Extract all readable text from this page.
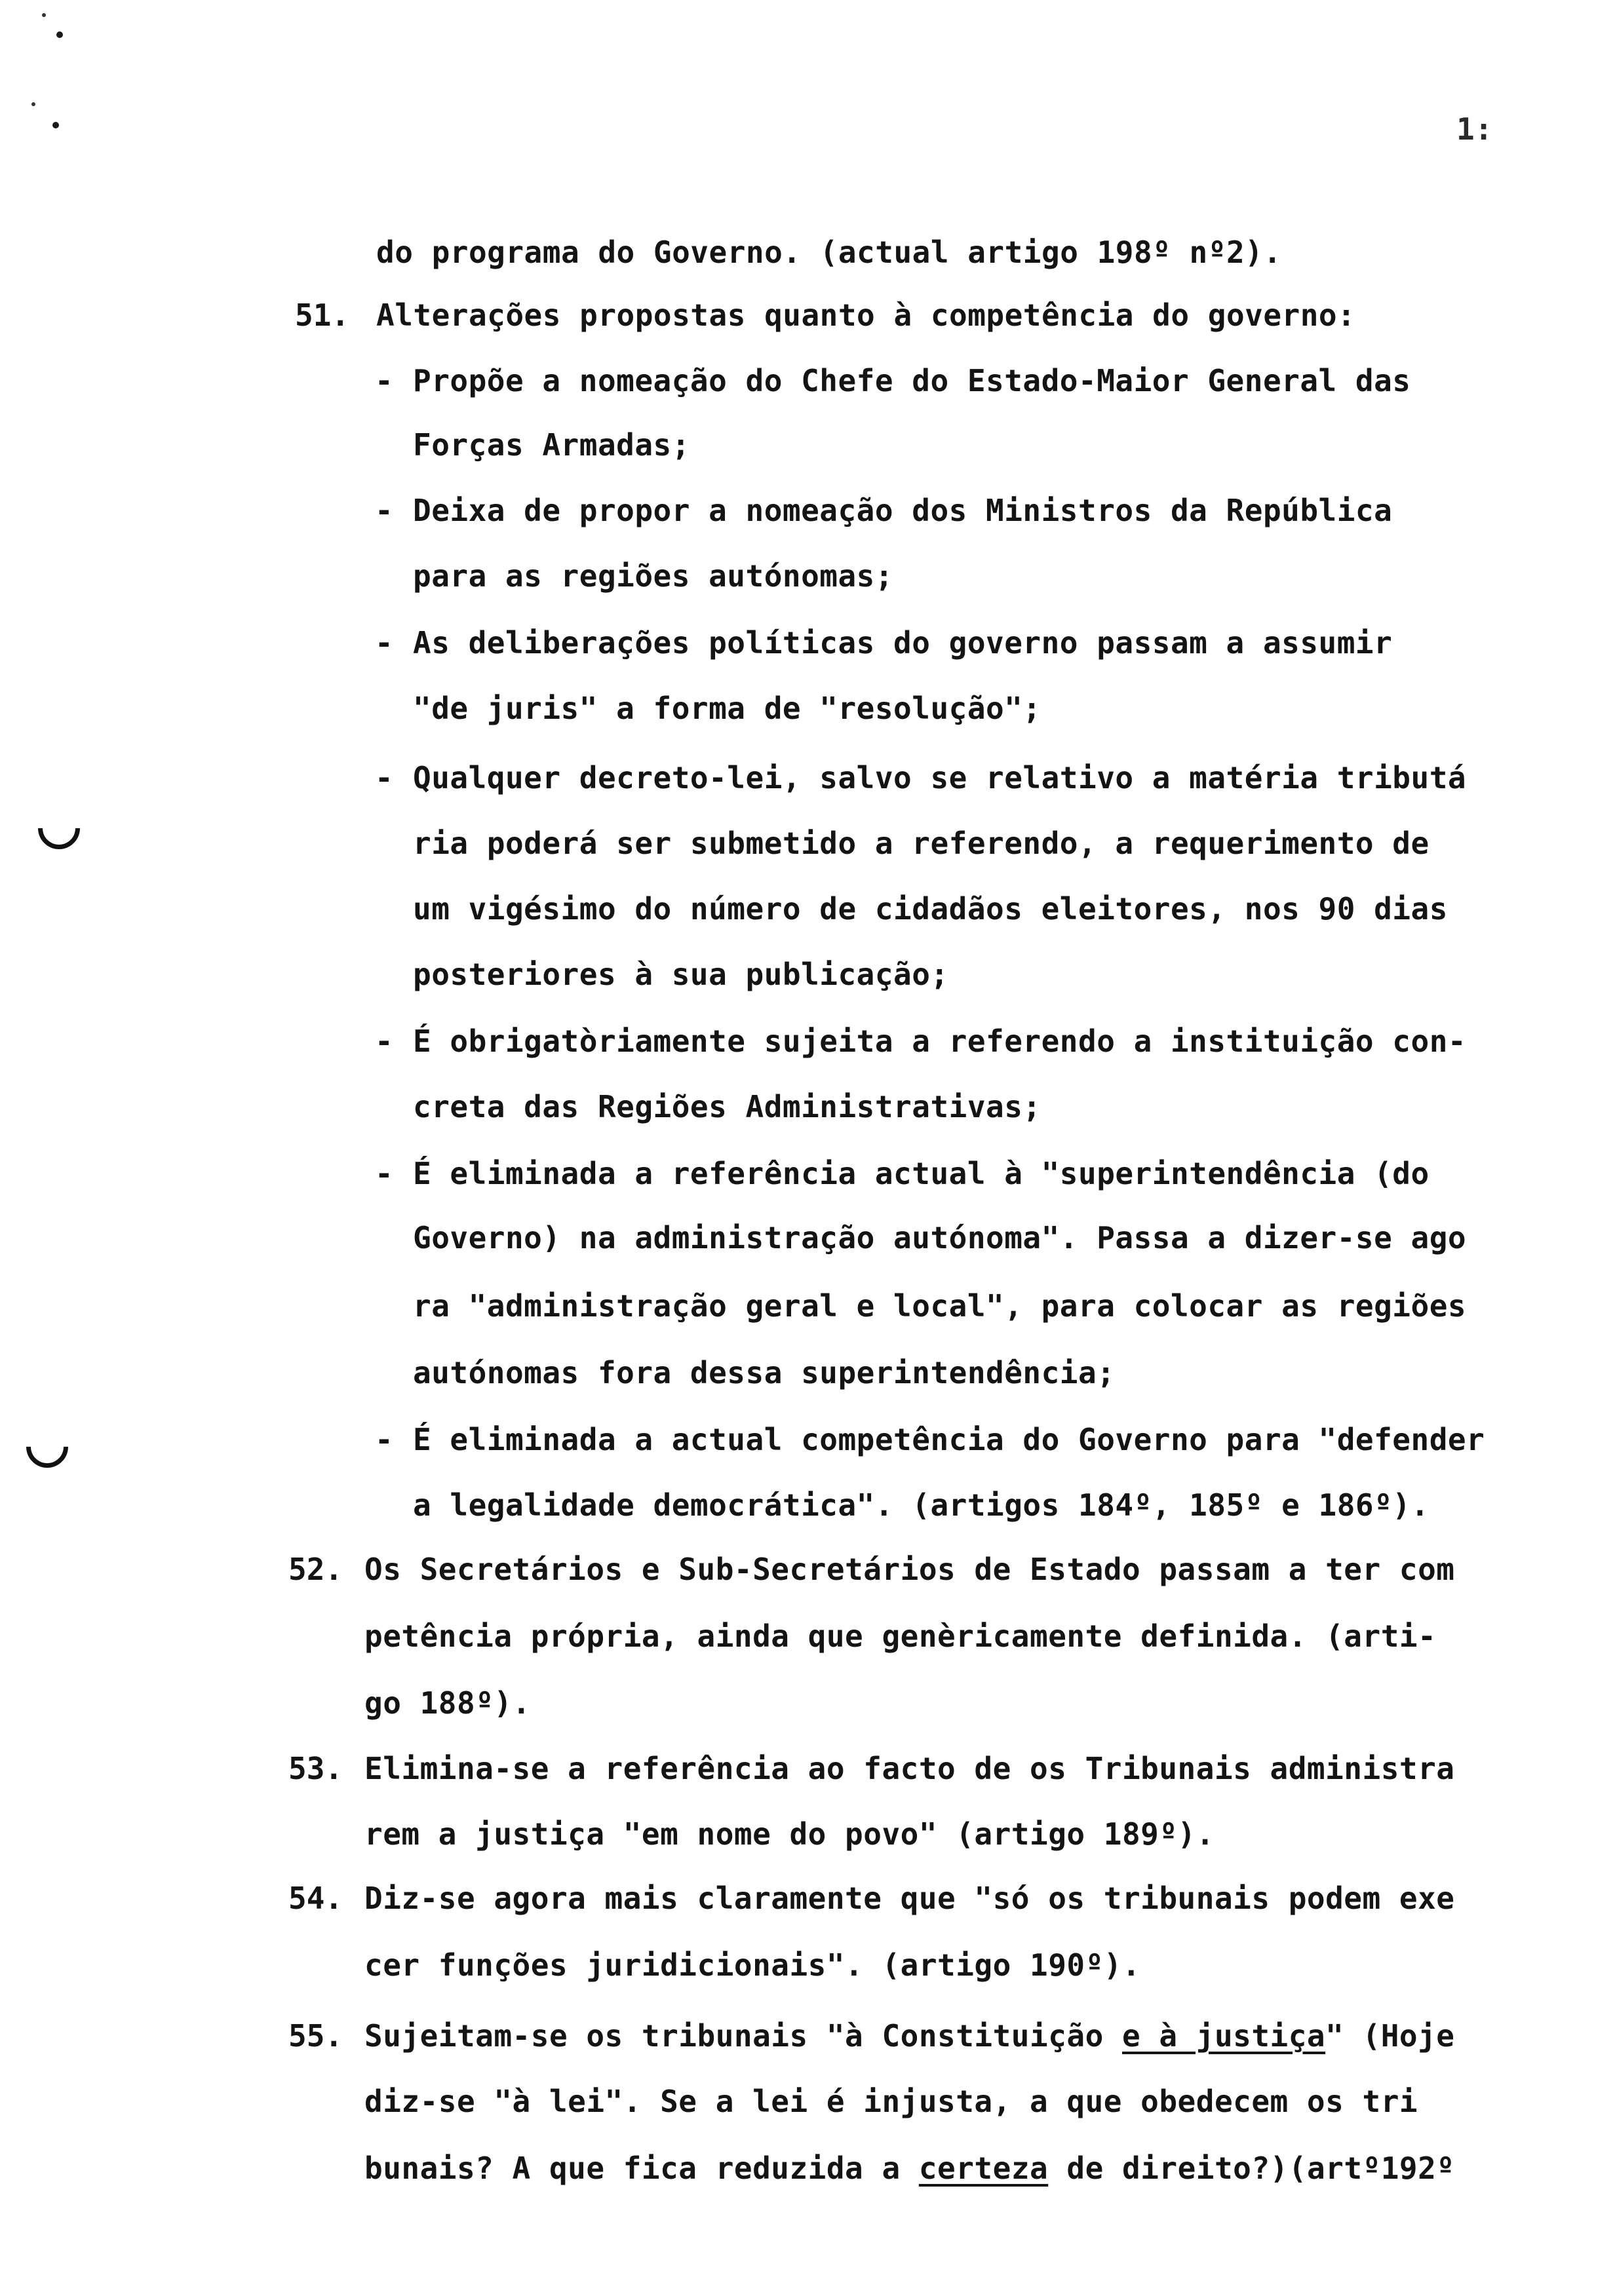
1:
do programa do Governo. (actual artigo 198º nº2).
51. Alterações propostas quanto à competência do governo:
- Propõe a nomeação do Chefe do Estado-Maior General das
Forças Armadas;
- Deixa de propor a nomeação dos Ministros da República
para as regiões autónomas;
- As deliberações políticas do governo passam a assumir
"de juris" a forma de "resolução";
- Qualquer decreto-lei, salvo se relativo a matéria tributá
ria poderá ser submetido a referendo, a requerimento de
um vigésimo do número de cidadãos eleitores, nos 90 dias
posteriores à sua publicação;
- É obrigatòriamente sujeita a referendo a instituição con-
creta das Regiões Administrativas;
- É eliminada a referência actual à "superintendência (do
Governo) na administração autónoma". Passa a dizer-se ago
ra "administração geral e local", para colocar as regiões
autónomas fora dessa superintendência;
- É eliminada a actual competência do Governo para "defender
a legalidade democrática". (artigos 184º, 185º e 186º).
52. Os Secretários e Sub-Secretários de Estado passam a ter com
petência própria, ainda que genèricamente definida. (arti-
go 188º).
53. Elimina-se a referência ao facto de os Tribunais administra
rem a justiça "em nome do povo" (artigo 189º).
54. Diz-se agora mais claramente que "só os tribunais podem exe
cer funções juridicionais". (artigo 190º).
55. Sujeitam-se os tribunais "à Constituição e à justiça" (Hoje
diz-se "à lei". Se a lei é injusta, a que obedecem os tri
bunais? A que fica reduzida a certeza de direito?)(artº192º
